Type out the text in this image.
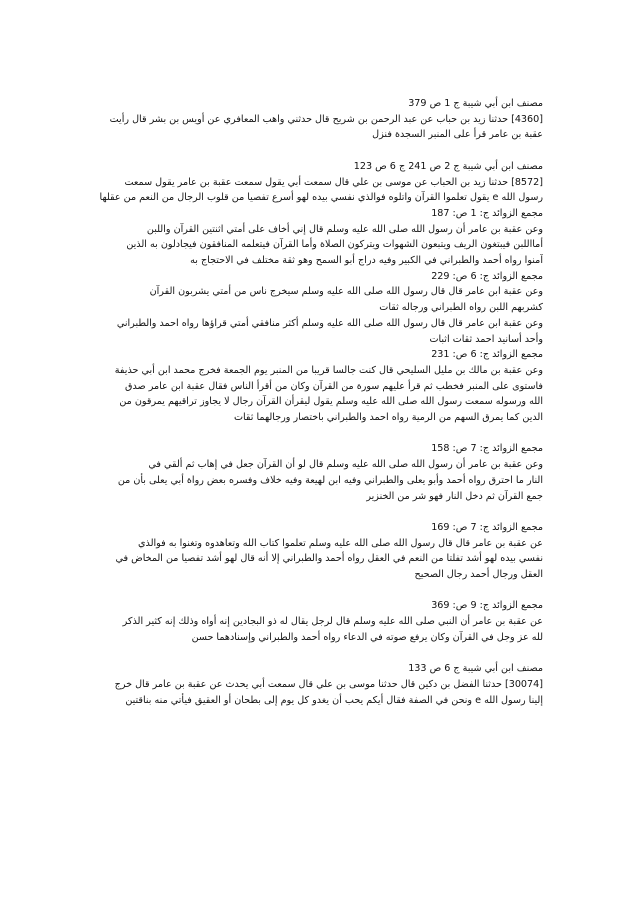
مصنف ابن أبي شيبة ج 1 ص 379
[4360] حدثنا زيد بن حباب عن عبد الرحمن بن شريح قال حدثني واهب المعافري عن أويس بن بشر قال رأيت
عقبة بن عامر قرأ على المنبر السجدة فنزل
مصنف ابن أبي شيبة ج 2 ص 241 ج 6 ص 123
[8572] حدثنا زيد بن الحباب عن موسى بن علي قال سمعت أبي يقول سمعت عقبة بن عامر يقول سمعت
رسول الله e يقول تعلموا القرآن واتلوه فوالذي نفسي بيده لهو أسرع تفصيا من قلوب الرجال من النعم من عقلها
مجمع الزوائد ج: 1 ص: 187
وعن عقبة بن عامر أن رسول الله صلى الله عليه وسلم قال إني أخاف على أمتي اثنتين القرآن واللبن
أمااللبن فيبتغون الريف ويتبعون الشهوات ويتركون الصلاة وأما القرآن فيتعلمه المنافقون فيجادلون به الذين
آمنوا رواه أحمد والطبراني في الكبير وفيه دراج أبو السمح وهو ثقة مختلف في الاحتجاج به
مجمع الزوائد ج: 6 ص: 229
وعن عقبة ابن عامر قال قال رسول الله صلى الله عليه وسلم سيخرج ناس من أمتي يشربون القرآن
كشربهم اللبن رواه الطبراني ورجاله ثقات
وعن عقبة ابن عامر قال قال رسول الله صلى الله عليه وسلم أكثر منافقي أمتي قراؤها رواه احمد والطبراني
وأحد أسانيد احمد ثقات اثبات
مجمع الزوائد ج: 6 ص: 231
وعن عقبة بن مالك بن مليل السليحي قال كنت جالسا قريبا من المنبر يوم الجمعة فخرج محمد ابن أبي حذيفة
فاستوى على المنبر فخطب ثم قرأ عليهم سورة من القرآن وكان من أقرأ الناس فقال عقبة ابن عامر صدق
الله ورسوله سمعت رسول الله صلى الله عليه وسلم يقول ليقرأن القرآن رجال لا يجاوز تراقيهم يمرقون من
الدين كما يمرق السهم من الرمية رواه احمد والطبراني باختصار ورجالهما ثقات
مجمع الزوائد ج: 7 ص: 158
وعن عقبة بن عامر أن رسول الله صلى الله عليه وسلم قال لو أن القرآن جعل في إهاب ثم ألقي في
النار ما احترق رواه أحمد وأبو يعلى والطبراني وفيه ابن لهيعة وفيه خلاف وفسره بعض رواة أبي يعلى بأن من
جمع القرآن ثم دخل النار فهو شر من الخنزير
مجمع الزوائد ج: 7 ص: 169
عن عقبة بن عامر قال قال رسول الله صلى الله عليه وسلم تعلموا كتاب الله وتعاهدوه وتغنوا به فوالذي
نفسي بيده لهو أشد تفلتا من النعم في العقل رواه أحمد والطبراني إلا أنه قال لهو أشد تفصيا من المخاض في
العقل ورجال أحمد رجال الصحيح
مجمع الزوائد ج: 9 ص: 369
عن عقبة بن عامر أن النبي صلى الله عليه وسلم قال لرجل يقال له ذو البجادين إنه أواه وذلك إنه كثير الذكر
لله عز وجل في القرآن وكان يرفع صوته في الدعاء رواه أحمد والطبراني وإسنادهما حسن
مصنف ابن أبي شيبة ج 6 ص 133
[30074] حدثنا الفضل بن دكين قال حدثنا موسى بن علي قال سمعت أبي يحدث عن عقبة بن عامر قال خرج
إلينا رسول الله e ونحن في الصفة فقال أيكم يحب أن يغدو كل يوم إلى بطحان أو العقيق فيأتي منه بناقتين
